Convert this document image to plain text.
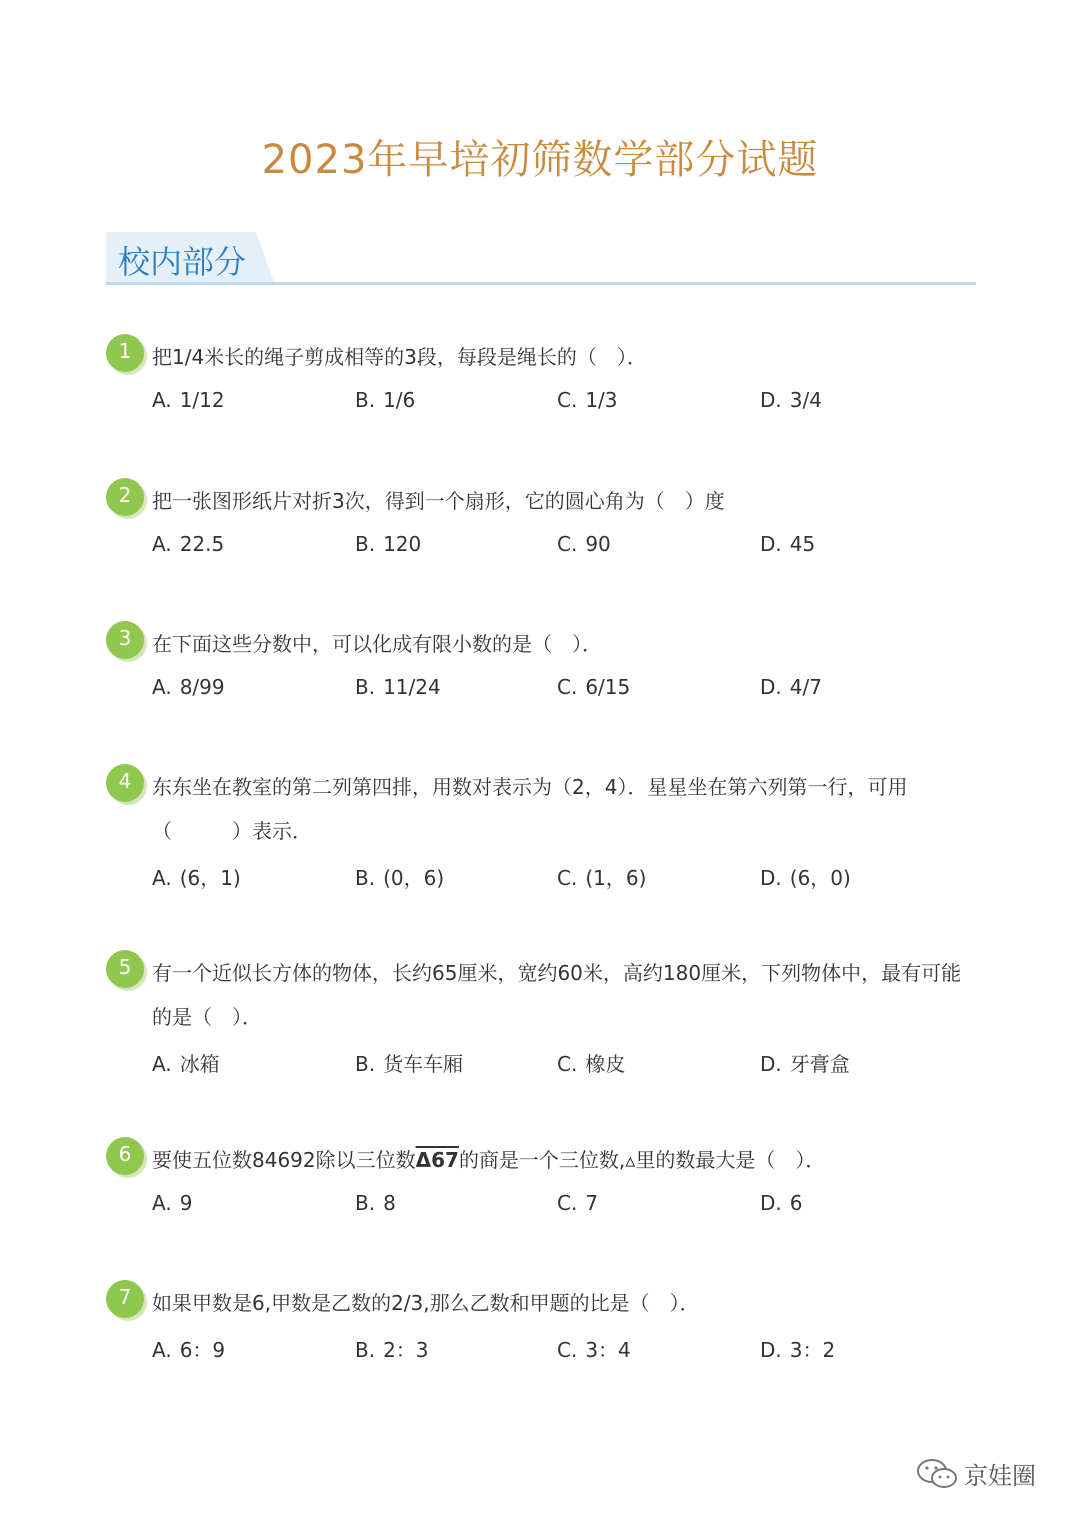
2023年早培初筛数学部分试题
校内部分
1	把1/4米长的绳子剪成相等的3段，每段是绳长的（　）．
A. 1/12	B. 1/6	C. 1/3	D. 3/4
2	把一张图形纸片对折3次，得到一个扇形，它的圆心角为（　）度
A. 22.5	B. 120	C. 90	D. 45
3	在下面这些分数中，可以化成有限小数的是（　）．
A. 8/99	B. 11/24	C. 6/15	D. 4/7
4	东东坐在教室的第二列第四排，用数对表示为（2，4）．星星坐在第六列第一行，可用（　　　）表示．
A. (6，1)	B. (0，6)	C. (1，6)	D. (6，0)
5	有一个近似长方体的物体，长约65厘米，宽约60米，高约180厘米，下列物体中，最有可能的是（　）．
A. 冰箱	B. 货车车厢	C. 橡皮	D. 牙膏盒
6	要使五位数84692除以三位数Δ67的商是一个三位数,▵里的数最大是（　）．
A. 9	B. 8	C. 7	D. 6
7	如果甲数是6,甲数是乙数的2/3,那么乙数和甲题的比是（　）．
A. 6：9	B. 2：3	C. 3：4	D. 3：2
京娃圈
